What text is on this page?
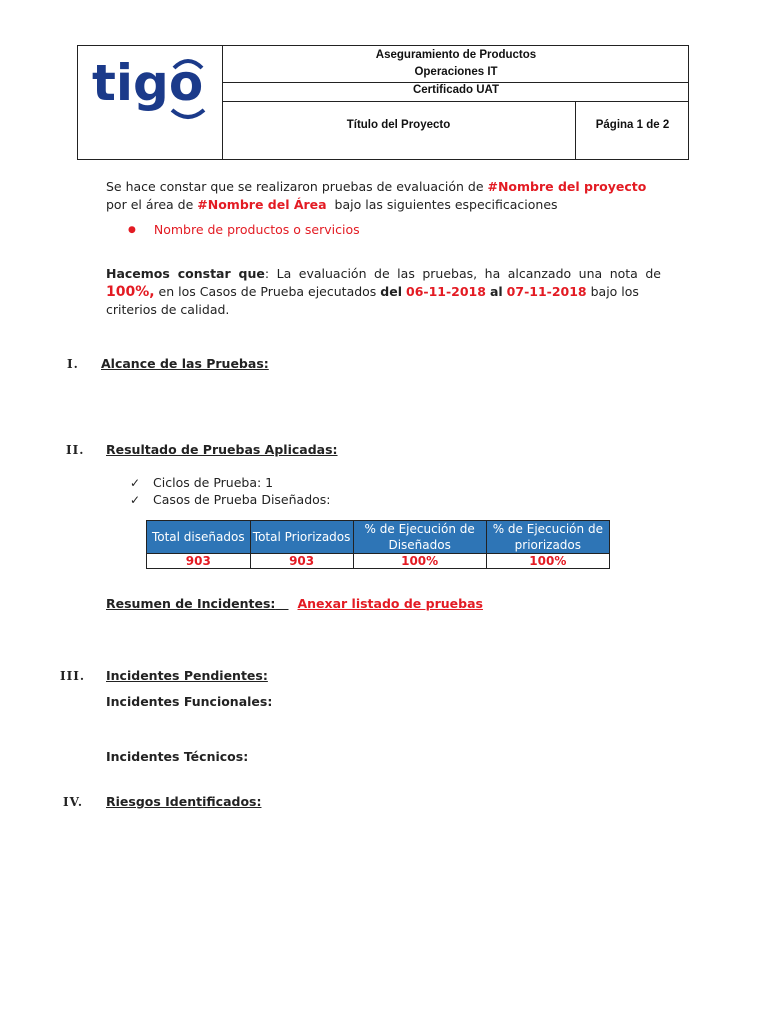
tigo	Aseguramiento de Productos
Operaciones IT
Certificado UAT
Título del Proyecto	Página 1 de 2
Se hace constar que se realizaron pruebas de evaluación de #Nombre del proyecto
por el área de #Nombre del Área  bajo las siguientes especificaciones
● Nombre de productos o servicios
Hacemos constar que: La evaluación de las pruebas, ha alcanzado una nota de
100%, en los Casos de Prueba ejecutados del 06-11-2018 al 07-11-2018 bajo los
criterios de calidad.
I. Alcance de las Pruebas:
II. Resultado de Pruebas Aplicadas:
✓ Ciclos de Prueba: 1
✓ Casos de Prueba Diseñados:
Total diseñados	Total Priorizados	% de Ejecución de Diseñados	% de Ejecución de priorizados
903	903	100%	100%
Resumen de Incidentes: Anexar listado de pruebas
III. Incidentes Pendientes:
Incidentes Funcionales:
Incidentes Técnicos:
IV. Riesgos Identificados:
